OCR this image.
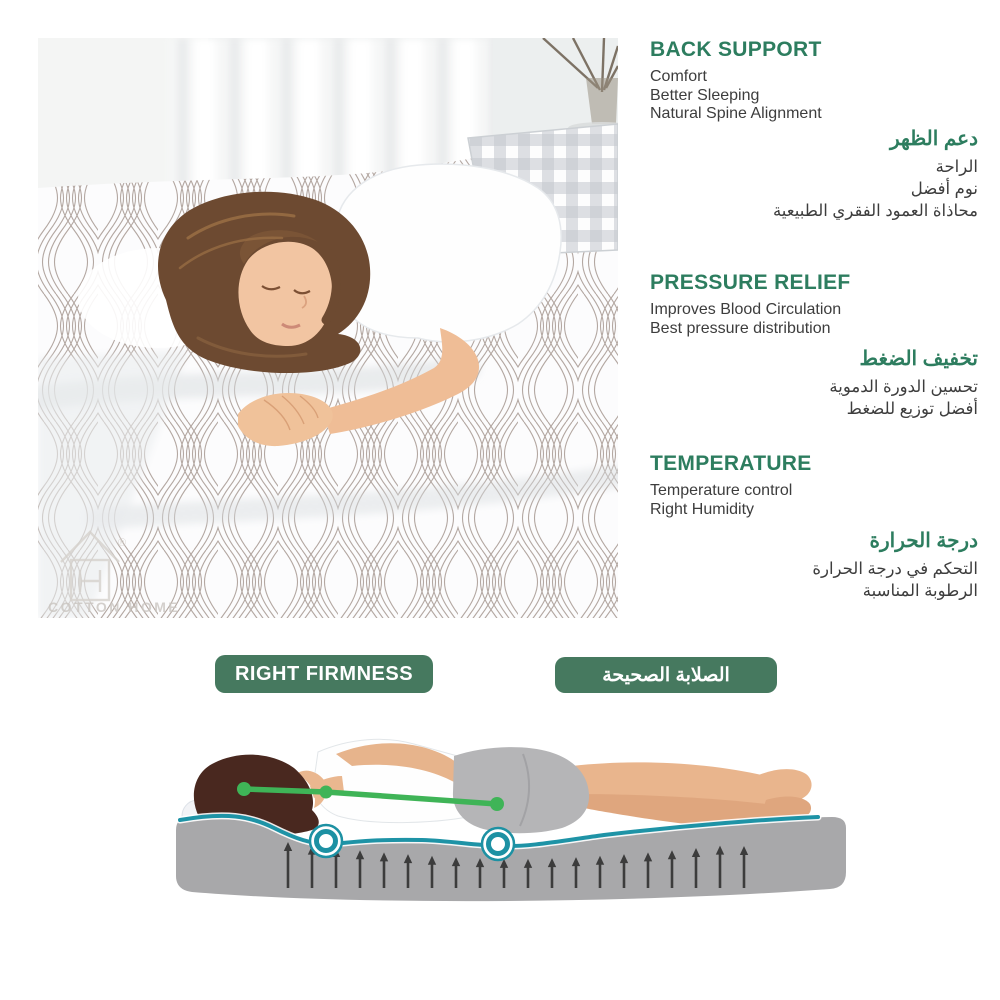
®
COTTON HOME
BACK SUPPORT
Comfort
Better Sleeping
Natural Spine Alignment
دعم الظهر
الراحة
نوم أفضل
محاذاة العمود الفقري الطبيعية
PRESSURE RELIEF
Improves Blood Circulation
Best pressure distribution
تخفيف الضغط
تحسين الدورة الدموية
أفضل توزيع للضغط
TEMPERATURE
Temperature control
Right Humidity
درجة الحرارة
التحكم في درجة الحرارة
الرطوبة المناسبة
RIGHT FIRMNESS	الصلابة الصحيحة
